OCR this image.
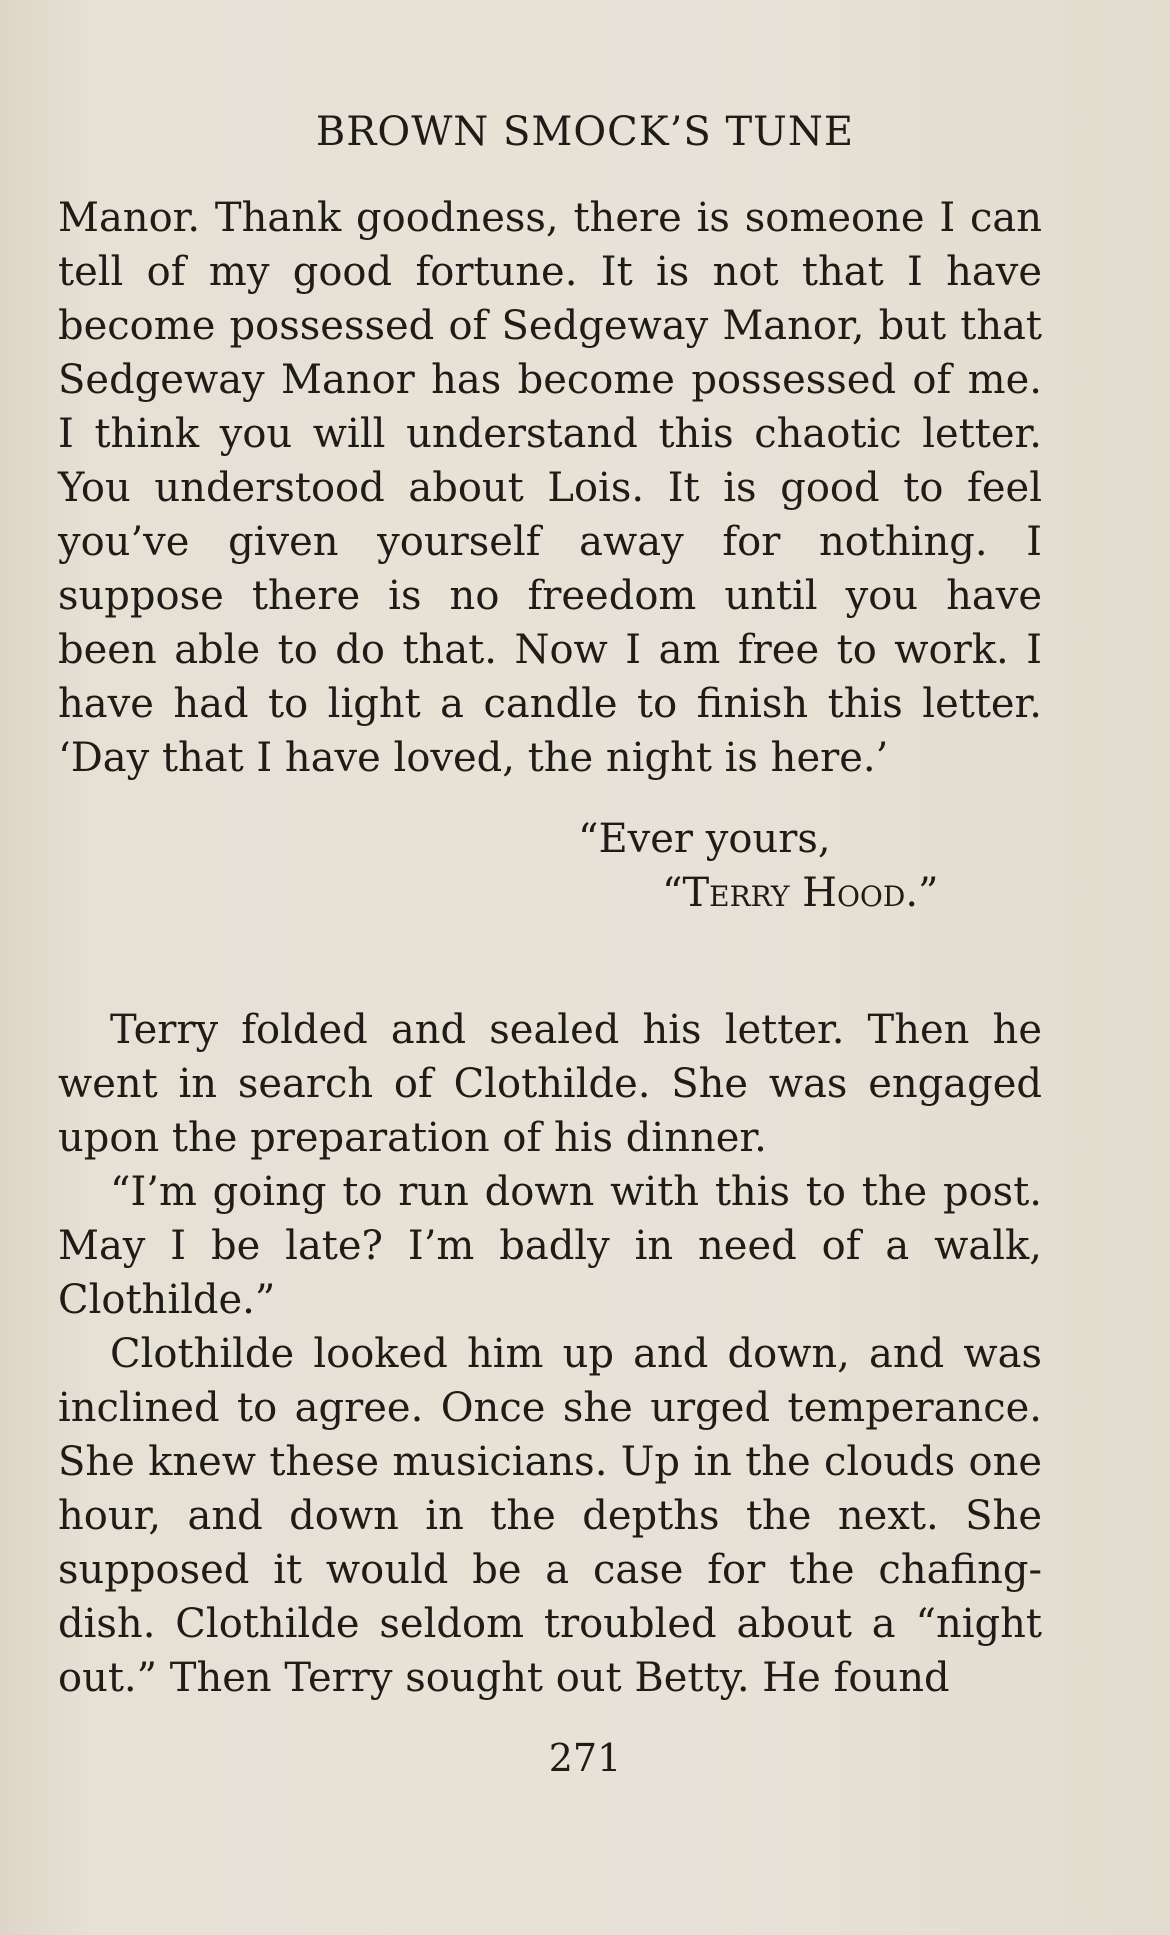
BROWN SMOCK’S TUNE

Manor. Thank goodness, there is someone I can tell of my good fortune. It is not that I have become possessed of Sedgeway Manor, but that Sedgeway Manor has become possessed of me. I think you will understand this chaotic letter. You understood about Lois. It is good to feel you’ve given yourself away for nothing. I suppose there is no freedom until you have been able to do that. Now I am free to work. I have had to light a candle to finish this letter. ‘Day that I have loved, the night is here.’

“Ever yours,
“Terry Hood.”

Terry folded and sealed his letter. Then he went in search of Clothilde. She was engaged upon the preparation of his dinner.

“I’m going to run down with this to the post. May I be late? I’m badly in need of a walk, Clothilde.”

Clothilde looked him up and down, and was inclined to agree. Once she urged temperance. She knew these musicians. Up in the clouds one hour, and down in the depths the next. She supposed it would be a case for the chafing-dish. Clothilde seldom troubled about a “night out.” Then Terry sought out Betty. He found

271
